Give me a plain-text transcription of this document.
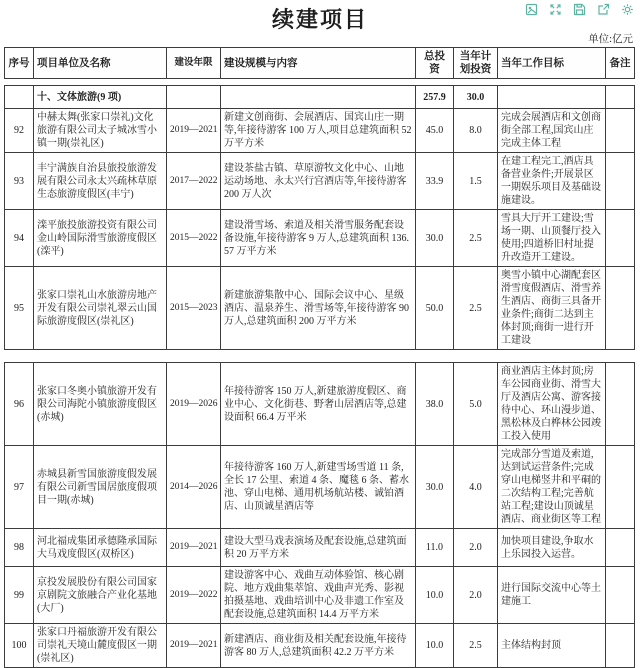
续建项目
单位:亿元
序号	项目单位及名称	建设年限	建设规模与内容	总投资	当年计划投资	当年工作目标	备注
	十、文体旅游(9 项)			257.9	30.0		
92	中赫太舞(张家口崇礼)文化旅游有限公司太子城冰雪小镇一期(崇礼区)	2019—2021	新建文创商街、会展酒店、国宾山庄一期等,年接待游客 100 万人,项目总建筑面积 52 万平方米	45.0	8.0	完成会展酒店和文创商街全部工程,国宾山庄完成主体工程	
93	丰宁满族自治县旅投旅游发展有限公司永太兴疏林草原生态旅游度假区(丰宁)	2017—2022	建设茶盐古镇、草原游牧文化中心、山地运动场地、永太兴行宫酒店等,年接待游客 200 万人次	33.9	1.5	在建工程完工,酒店具备营业条件;开展景区一期娱乐项目及基础设施建设。	
94	滦平旅投旅游投资有限公司金山岭国际滑雪旅游度假区(滦平)	2015—2022	建设滑雪场、索道及相关滑雪服务配套设备设施,年接待游客 9 万人,总建筑面积 136.57 万平方米	30.0	2.5	雪具大厅开工建设;雪场一期、山顶餐厅投入使用;四道桥旧村址提升改造开工建设。	
95	张家口崇礼山水旅游房地产开发有限公司崇礼翠云山国际旅游度假区(崇礼区)	2015—2023	新建旅游集散中心、国际会议中心、星级酒店、温泉养生、滑雪场等,年接待游客 90 万人,总建筑面积 200 万平方米	50.0	2.5	奥雪小镇中心湖配套区滑雪度假酒店、滑雪养生酒店、商街三具备开业条件;商街二达到主体封顶;商街一进行开工建设	
96	张家口冬奥小镇旅游开发有限公司海陀小镇旅游度假区(赤城)	2019—2026	年接待游客 150 万人,新建旅游度假区、商业中心、文化街巷、野奢山居酒店等,总建设面积 66.4 万平米	38.0	5.0	商业酒店主体封顶;房车公园商业街、滑雪大厅及酒店公寓、游客接待中心、环山漫步道、黑松林及白桦林公园竣工投入使用	
97	赤城县新雪国旅游度假发展有限公司新雪国居旅度假项目一期(赤城)	2014—2026	年接待游客 160 万人,新建雪场雪道 11 条,全长 17 公里、索道 4 条、魔毯 6 条、蓄水池、穿山电梯、通用机场航站楼、诚铂酒店、山顶诚星酒店等	30.0	4.0	完成部分雪道及索道,达到试运营条件;完成穿山电梯竖井和平硐的二次结构工程;完善航站工程;建设山顶诚星酒店、商业街区等工程	
98	河北福成集团承德隆承国际大马戏度假区(双桥区)	2019—2021	建设大型马戏表演场及配套设施,总建筑面积 20 万平方米	11.0	2.0	加快项目建设,争取水上乐园投入运营。	
99	京投发展股份有限公司国家京剧院文旅融合产业化基地(大厂)	2019—2022	建设游客中心、戏曲互动体验馆、核心剧院、地方戏曲集萃馆、戏曲声光秀、影视拍摄基地、戏曲培训中心及非遗工作室及配套设施,总建筑面积 14.4 万平方米	10.0	2.0	进行国际交流中心等土建施工	
100	张家口丹福旅游开发有限公司崇礼天境山麓度假区一期(崇礼区)	2019—2021	新建酒店、商业街及相关配套设施,年接待游客 80 万人,总建筑面积 42.2 万平方米	10.0	2.5	主体结构封顶	
